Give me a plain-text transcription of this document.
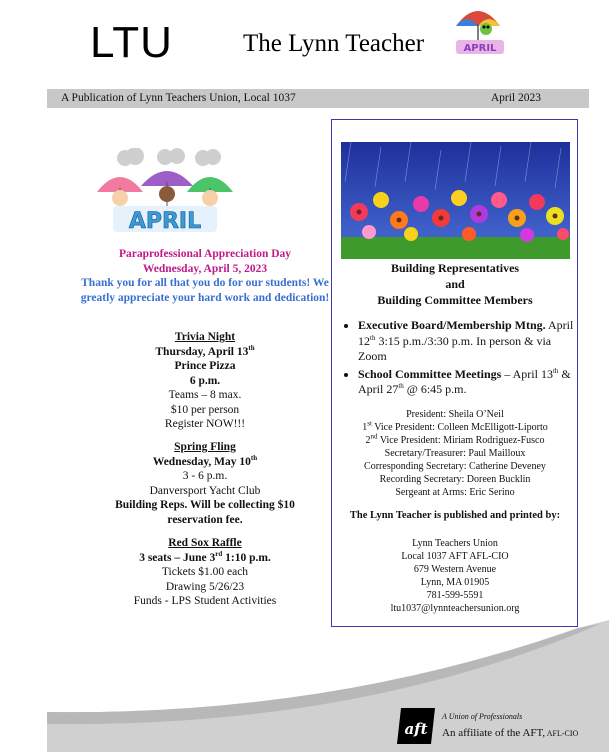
LTU	The Lynn Teacher	APRIL
A Publication of Lynn Teachers Union, Local 1037	April 2023
APRIL
Paraprofessional Appreciation Day
Wednesday, April 5, 2023
Thank you for all that you do for our students! We greatly appreciate your hard work and dedication!
Trivia Night
Thursday, April 13th
Prince Pizza
6 p.m.
Teams – 8 max.
$10 per person
Register NOW!!!
Spring Fling
Wednesday, May 10th
3 - 6 p.m.
Danversport Yacht Club
Building Reps. Will be collecting $10 reservation fee.
Red Sox Raffle
3 seats – June 3rd 1:10 p.m.
Tickets $1.00 each
Drawing 5/26/23
Funds - LPS Student Activities
Building Representatives
and
Building Committee Members
• Executive Board/Membership Mtng. April 12th 3:15 p.m./3:30 p.m. In person & via Zoom
• School Committee Meetings – April 13th & April 27th @ 6:45 p.m.
President: Sheila O’Neil
1st Vice President: Colleen McElligott-Liporto
2nd Vice President: Miriam Rodriguez-Fusco
Secretary/Treasurer: Paul Mailloux
Corresponding Secretary: Catherine Deveney
Recording Secretary: Doreen Bucklin
Sergeant at Arms: Eric Serino
The Lynn Teacher is published and printed by:
Lynn Teachers Union
Local 1037 AFT AFL-CIO
679 Western Avenue
Lynn, MA 01905
781-599-5591
ltu1037@lynnteachersunion.org
aft
A Union of Professionals
An affiliate of the AFT, AFL-CIO
